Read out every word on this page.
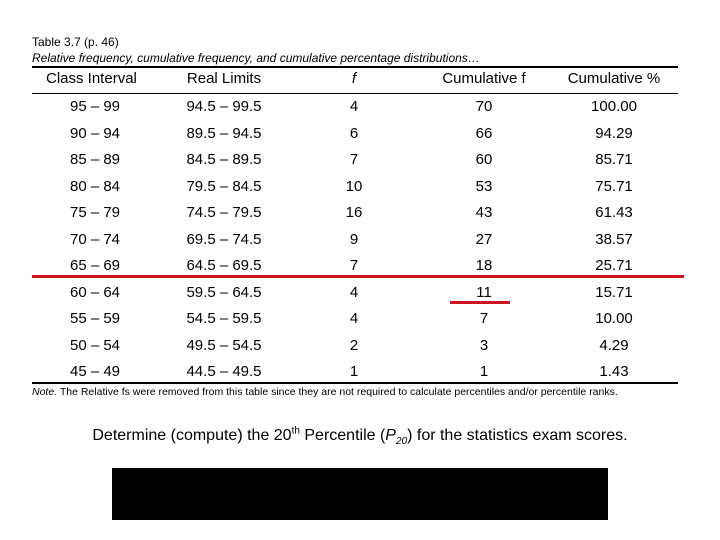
Table 3.7 (p. 46)
Relative frequency, cumulative frequency, and cumulative percentage distributions…
Class Interval	Real Limits	f	Cumulative f	Cumulative %
95 – 99	94.5 – 99.5	4	70	100.00
90 – 94	89.5 – 94.5	6	66	94.29
85 – 89	84.5 – 89.5	7	60	85.71
80 – 84	79.5 – 84.5	10	53	75.71
75 – 79	74.5 – 79.5	16	43	61.43
70 – 74	69.5 – 74.5	9	27	38.57
65 – 69	64.5 – 69.5	7	18	25.71
60 – 64	59.5 – 64.5	4	11	15.71
55 – 59	54.5 – 59.5	4	7	10.00
50 – 54	49.5 – 54.5	2	3	4.29
45 – 49	44.5 – 49.5	1	1	1.43
Note. The Relative fs were removed from this table since they are not required to calculate percentiles and/or percentile ranks.
Determine (compute) the 20th Percentile $(P_{20})$ for the statistics exam scores.
